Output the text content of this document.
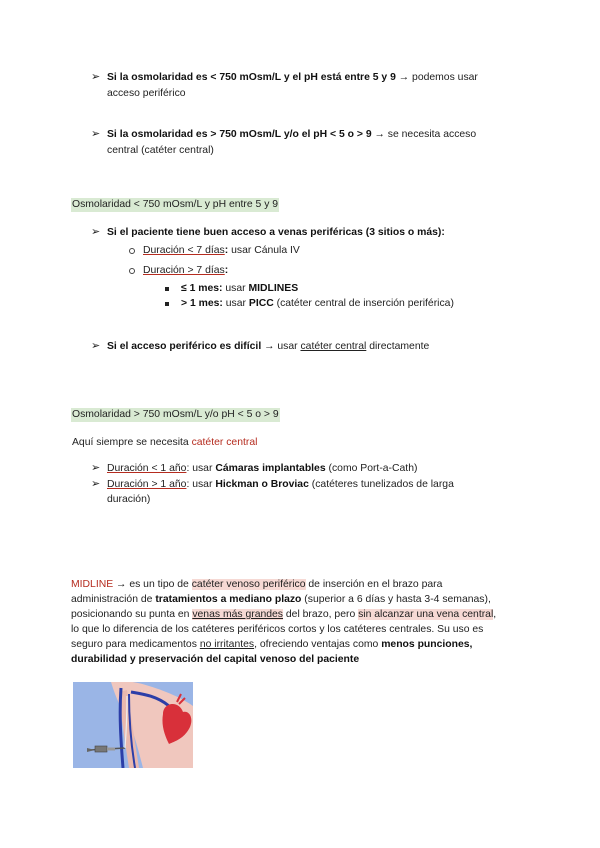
➢ Si la osmolaridad es < 750 mOsm/L y el pH está entre 5 y 9 → podemos usar
acceso periférico
➢ Si la osmolaridad es > 750 mOsm/L y/o el pH < 5 o > 9 → se necesita acceso
central (catéter central)
Osmolaridad < 750 mOsm/L y pH entre 5 y 9
➢ Si el paciente tiene buen acceso a venas periféricas (3 sitios o más):
Duración < 7 días: usar Cánula IV
Duración > 7 días:
≤ 1 mes: usar MIDLINES
> 1 mes: usar PICC (catéter central de inserción periférica)
➢ Si el acceso periférico es difícil → usar catéter central directamente
Osmolaridad > 750 mOsm/L y/o pH < 5 o > 9
Aquí siempre se necesita catéter central
➢ Duración < 1 año: usar Cámaras implantables (como Port-a-Cath)
➢ Duración > 1 año: usar Hickman o Broviac (catéteres tunelizados de larga
duración)
MIDLINE → es un tipo de catéter venoso periférico de inserción en el brazo para
administración de tratamientos a mediano plazo (superior a 6 días y hasta 3-4 semanas),
posicionando su punta en venas más grandes del brazo, pero sin alcanzar una vena central,
lo que lo diferencia de los catéteres periféricos cortos y los catéteres centrales. Su uso es
seguro para medicamentos no irritantes, ofreciendo ventajas como menos punciones,
durabilidad y preservación del capital venoso del paciente
